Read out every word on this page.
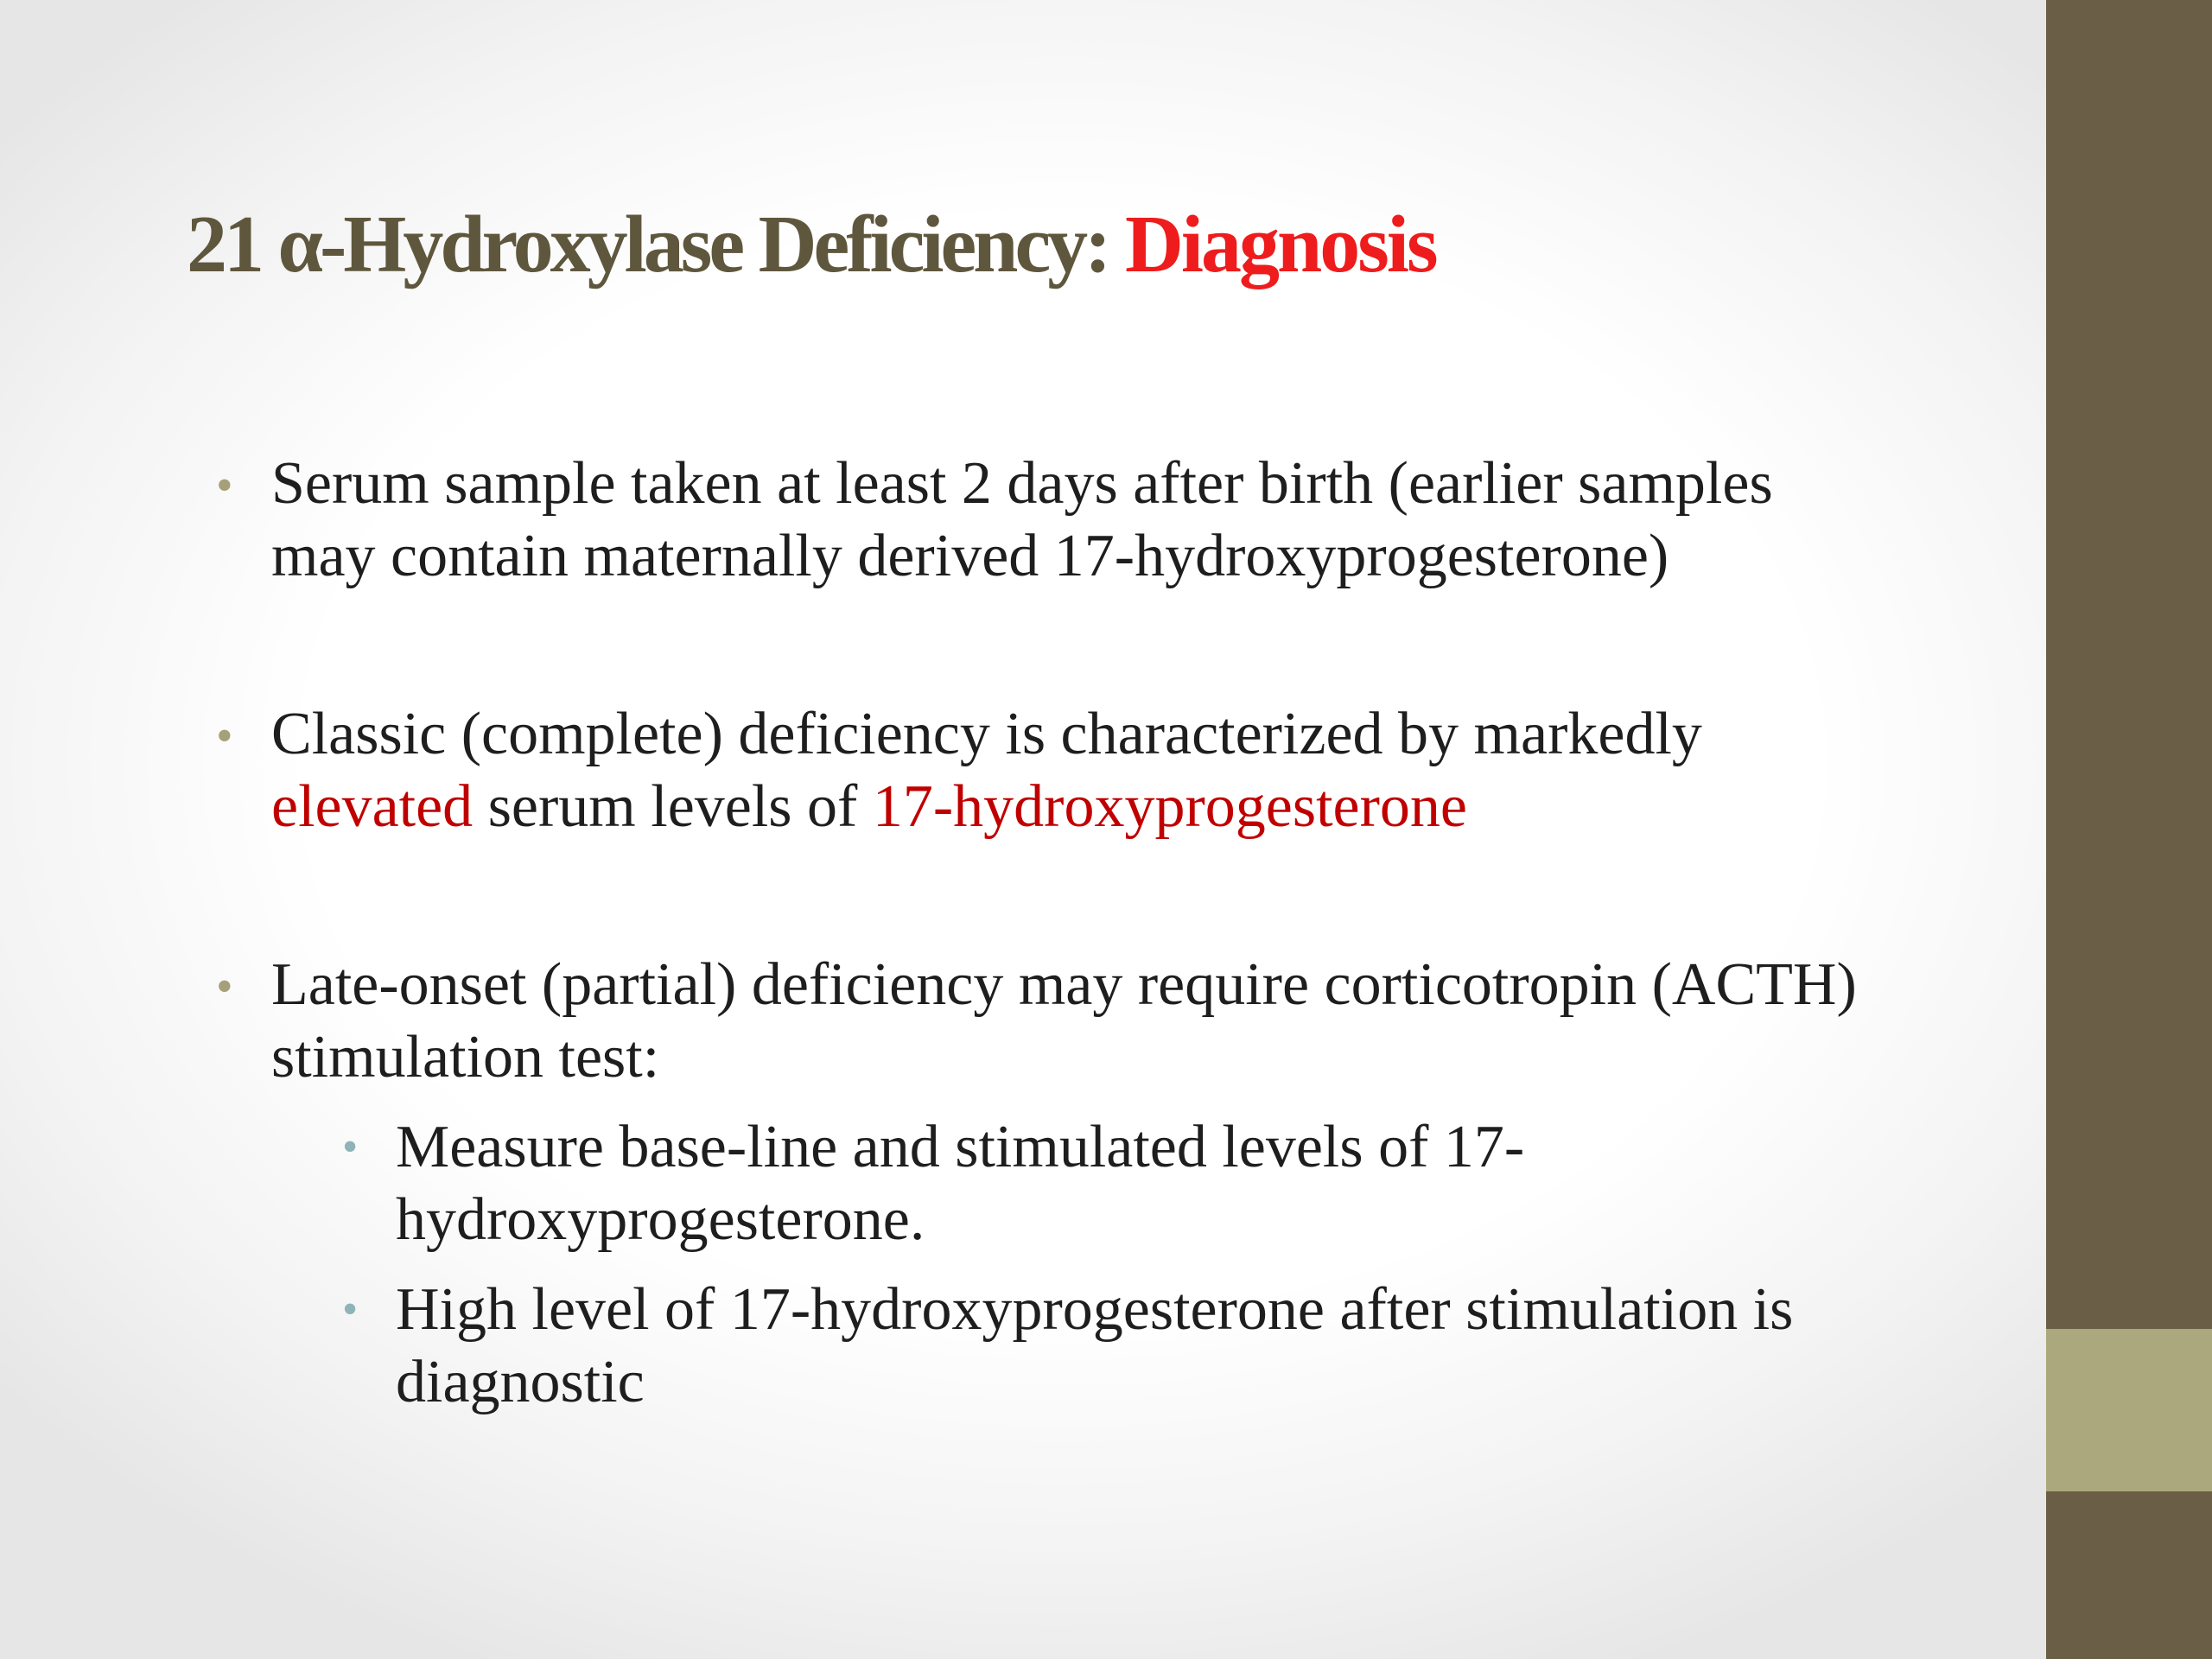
21 α-Hydroxylase Deficiency: Diagnosis
• Serum sample taken at least 2 days after birth (earlier samples
may contain maternally derived 17-hydroxyprogesterone)
• Classic (complete) deficiency is characterized by markedly
elevated serum levels of 17-hydroxyprogesterone
• Late-onset (partial) deficiency may require corticotropin (ACTH)
stimulation test:
• Measure base-line and stimulated levels of 17-
hydroxyprogesterone.
• High level of 17-hydroxyprogesterone after stimulation is
diagnostic
